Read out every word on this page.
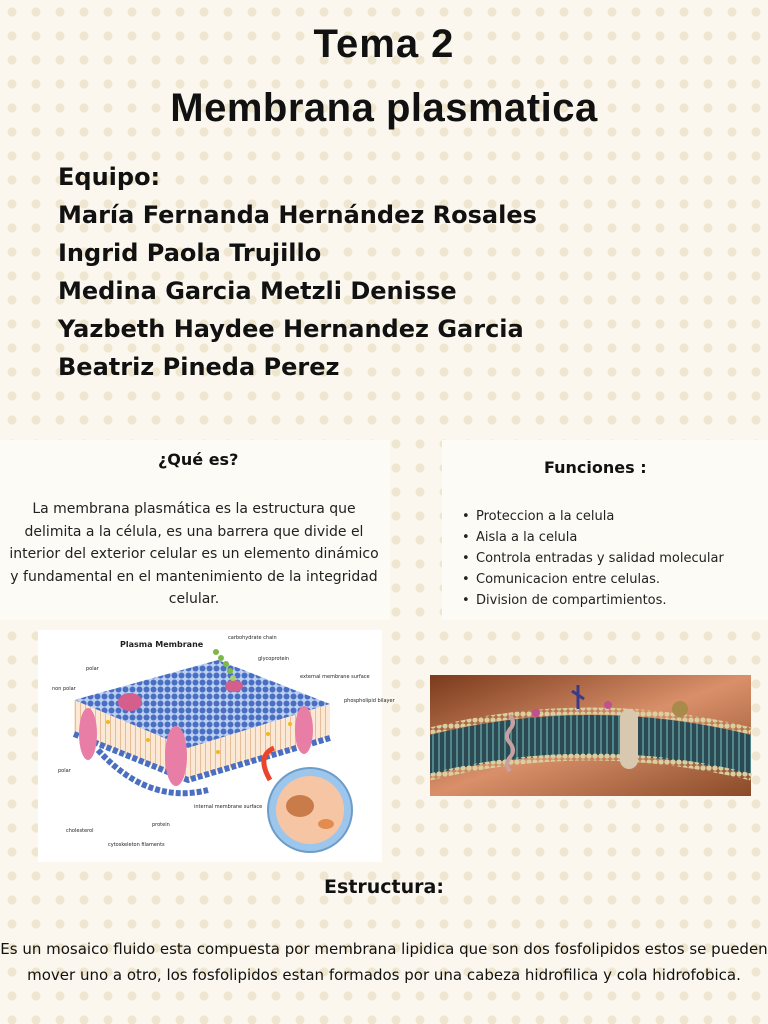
Tema 2
Membrana plasmatica
Equipo:
María Fernanda Hernández Rosales
Ingrid Paola Trujillo
Medina Garcia Metzli Denisse
Yazbeth Haydee Hernandez Garcia
Beatriz Pineda Perez
¿Qué es?
La membrana plasmática es la estructura que delimita a la célula, es una barrera que divide el interior del exterior celular es un elemento dinámico y fundamental en el mantenimiento de la integridad celular.
Funciones :
• Proteccion a la celula
• Aisla a la celula
• Controla entradas y salidad molecular
• Comunicacion entre celulas.
• Division de compartimientos.
Plasma Membrane
carbohydrate chain
glycoprotein
external membrane surface
phospholipid bilayer
polar
non polar
polar
cholesterol
protein
cytoskeleton filaments
internal membrane surface
Estructura:
Es un mosaico fluido esta compuesta por membrana lipidica que son dos fosfolipidos estos se pueden mover uno a otro, los fosfolipidos estan formados por una cabeza hidrofilica y cola hidrofobica.
